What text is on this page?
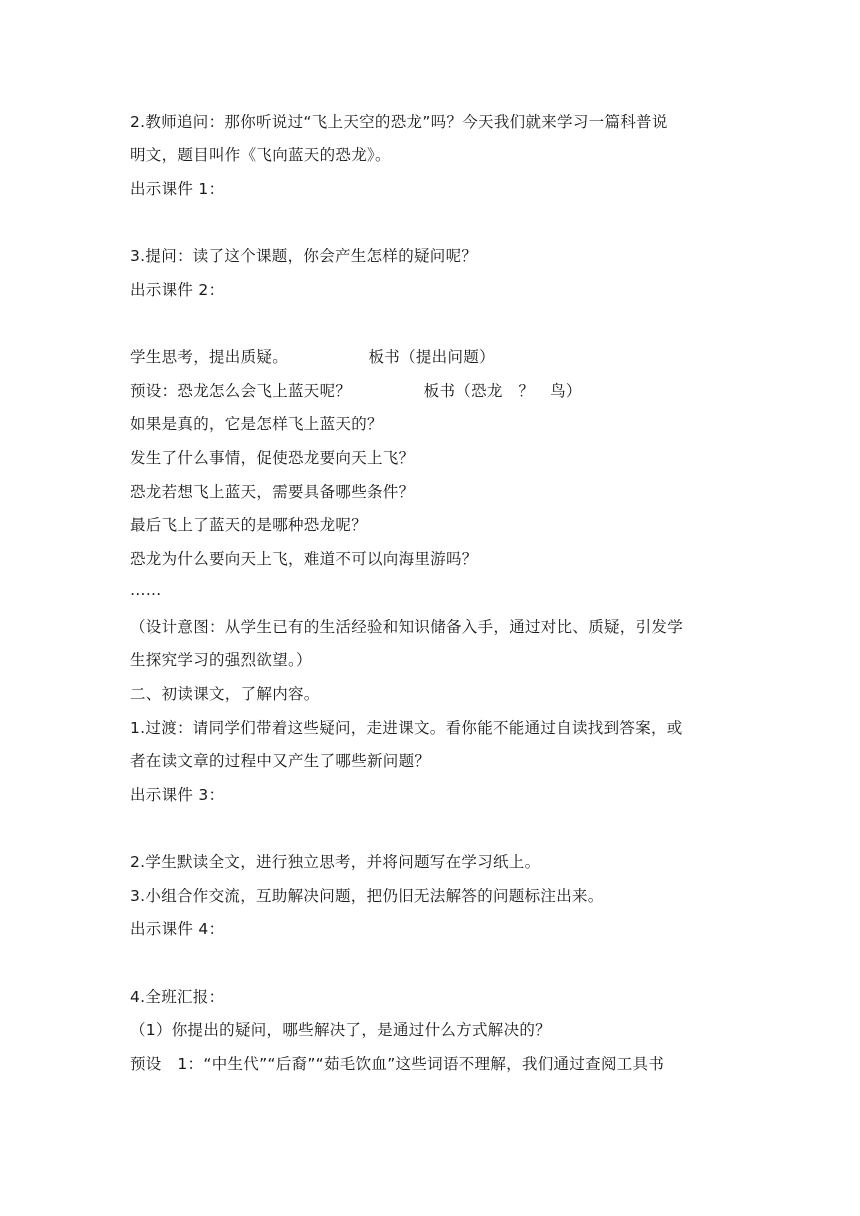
2.教师追问：那你听说过“飞上天空的恐龙”吗？今天我们就来学习一篇科普说
明文，题目叫作《飞向蓝天的恐龙》。
出示课件 1：
3.提问：读了这个课题，你会产生怎样的疑问呢？
出示课件 2：
学生思考，提出质疑。	板书（提出问题）
预设：恐龙怎么会飞上蓝天呢？	板书（恐龙　？　鸟）
如果是真的，它是怎样飞上蓝天的？
发生了什么事情，促使恐龙要向天上飞？
恐龙若想飞上蓝天，需要具备哪些条件？
最后飞上了蓝天的是哪种恐龙呢？
恐龙为什么要向天上飞，难道不可以向海里游吗？
……
（设计意图：从学生已有的生活经验和知识储备入手，通过对比、质疑，引发学
生探究学习的强烈欲望。）
二、初读课文，了解内容。
1.过渡：请同学们带着这些疑问，走进课文。看你能不能通过自读找到答案，或
者在读文章的过程中又产生了哪些新问题？
出示课件 3：
2.学生默读全文，进行独立思考，并将问题写在学习纸上。
3.小组合作交流，互助解决问题，把仍旧无法解答的问题标注出来。
出示课件 4：
4.全班汇报：
（1）你提出的疑问，哪些解决了，是通过什么方式解决的？
预设　1：“中生代”“后裔”“茹毛饮血”这些词语不理解，我们通过查阅工具书
